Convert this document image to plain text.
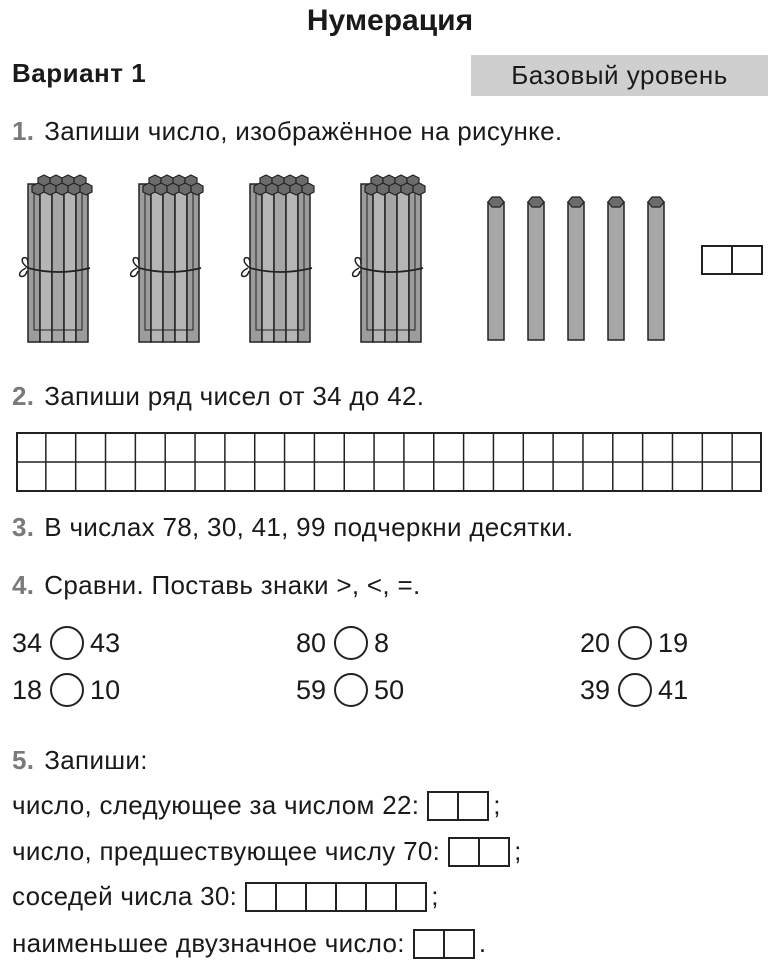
Нумерация
Вариант 1	Базовый уровень
1. Запиши число, изображённое на рисунке.
2. Запиши ряд чисел от 34 до 42.
3. В числах 78, 30, 41, 99 подчеркни десятки.
4. Сравни. Поставь знаки >, <, =.
34 43	80 8	20 19
18 10	59 50	39 41
5. Запиши:
число, следующее за числом 22:	;
число, предшествующее числу 70:	;
соседей числа 30:	;
наименьшее двузначное число:	.
